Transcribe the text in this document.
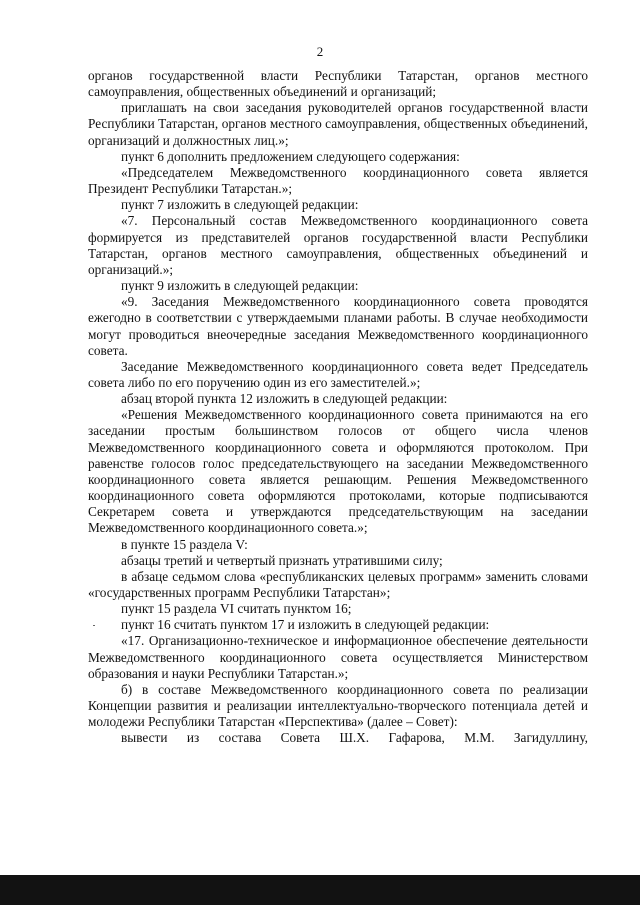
2

органов государственной власти Республики Татарстан, органов местного самоуправления, общественных объединений и организаций;

приглашать на свои заседания руководителей органов государственной власти Республики Татарстан, органов местного самоуправления, общественных объединений, организаций и должностных лиц.»;

пункт 6 дополнить предложением следующего содержания:

«Председателем Межведомственного координационного совета является Президент Республики Татарстан.»;

пункт 7 изложить в следующей редакции:

«7. Персональный состав Межведомственного координационного совета формируется из представителей органов государственной власти Республики Татарстан, органов местного самоуправления, общественных объединений и организаций.»;

пункт 9 изложить в следующей редакции:

«9. Заседания Межведомственного координационного совета проводятся ежегодно в соответствии с утверждаемыми планами работы. В случае необходимости могут проводиться внеочередные заседания Межведомственного координационного совета.

Заседание Межведомственного координационного совета ведет Председатель совета либо по его поручению один из его заместителей.»;

абзац второй пункта 12 изложить в следующей редакции:

«Решения Межведомственного координационного совета принимаются на его заседании простым большинством голосов от общего числа членов Межведомственного координационного совета и оформляются протоколом. При равенстве голосов голос председательствующего на заседании Межведомственного координационного совета является решающим. Решения Межведомственного координационного совета оформляются протоколами, которые подписываются Секретарем совета и утверждаются председательствующим на заседании Межведомственного координационного совета.»;

в пункте 15 раздела V:

абзацы третий и четвертый признать утратившими силу;

в абзаце седьмом слова «республиканских целевых программ» заменить словами «государственных программ Республики Татарстан»;

пункт 15 раздела VI считать пунктом 16;

пункт 16 считать пунктом 17 и изложить в следующей редакции:

«17. Организационно-техническое и информационное обеспечение деятельности Межведомственного координационного совета осуществляется Министерством образования и науки Республики Татарстан.»;

б) в составе Межведомственного координационного совета по реализации Концепции развития и реализации интеллектуально-творческого потенциала детей и молодежи Республики Татарстан «Перспектива» (далее – Совет):

вывести из состава Совета Ш.Х. Гафарова, М.М. Загидуллину,
